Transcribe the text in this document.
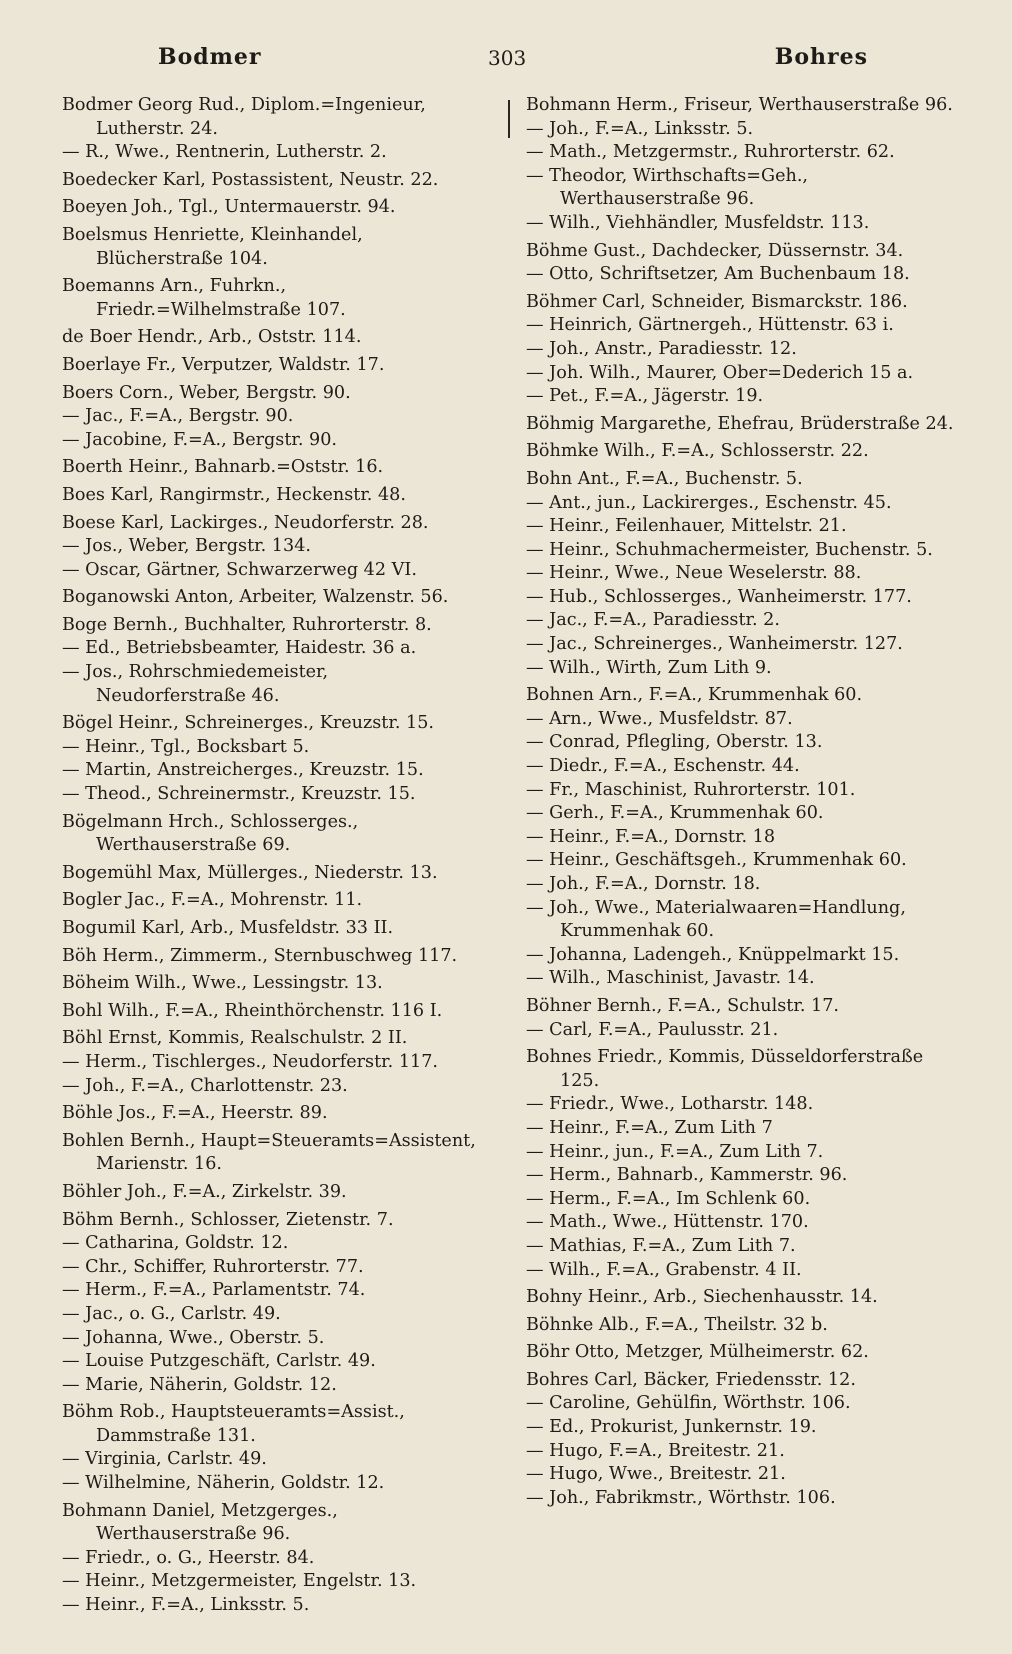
Bodmer	303	Bohres
Bodmer Georg Rud., Diplom.=Ingenieur, Lutherstr. 24.
— R., Wwe., Rentnerin, Lutherstr. 2.
Boedecker Karl, Postassistent, Neustr. 22.
Boeyen Joh., Tgl., Untermauerstr. 94.
Boelsmus Henriette, Kleinhandel, Blücherstraße 104.
Boemanns Arn., Fuhrkn., Friedr.=Wilhelmstraße 107.
de Boer Hendr., Arb., Oststr. 114.
Boerlaye Fr., Verputzer, Waldstr. 17.
Boers Corn., Weber, Bergstr. 90.
— Jac., F.=A., Bergstr. 90.
— Jacobine, F.=A., Bergstr. 90.
Boerth Heinr., Bahnarb.=Oststr. 16.
Boes Karl, Rangirmstr., Heckenstr. 48.
Boese Karl, Lackirges., Neudorferstr. 28.
— Jos., Weber, Bergstr. 134.
— Oscar, Gärtner, Schwarzerweg 42 VI.
Boganowski Anton, Arbeiter, Walzenstr. 56.
Boge Bernh., Buchhalter, Ruhrorterstr. 8.
— Ed., Betriebsbeamter, Haidestr. 36 a.
— Jos., Rohrschmiedemeister, Neudorferstraße 46.
Bögel Heinr., Schreinerges., Kreuzstr. 15.
— Heinr., Tgl., Bocksbart 5.
— Martin, Anstreicherges., Kreuzstr. 15.
— Theod., Schreinermstr., Kreuzstr. 15.
Bögelmann Hrch., Schlosserges., Werthauserstraße 69.
Bogemühl Max, Müllerges., Niederstr. 13.
Bogler Jac., F.=A., Mohrenstr. 11.
Bogumil Karl, Arb., Musfeldstr. 33 II.
Böh Herm., Zimmerm., Sternbuschweg 117.
Böheim Wilh., Wwe., Lessingstr. 13.
Bohl Wilh., F.=A., Rheinthörchenstr. 116 I.
Böhl Ernst, Kommis, Realschulstr. 2 II.
— Herm., Tischlerges., Neudorferstr. 117.
— Joh., F.=A., Charlottenstr. 23.
Böhle Jos., F.=A., Heerstr. 89.
Bohlen Bernh., Haupt=Steueramts=Assistent, Marienstr. 16.
Böhler Joh., F.=A., Zirkelstr. 39.
Böhm Bernh., Schlosser, Zietenstr. 7.
— Catharina, Goldstr. 12.
— Chr., Schiffer, Ruhrorterstr. 77.
— Herm., F.=A., Parlamentstr. 74.
— Jac., o. G., Carlstr. 49.
— Johanna, Wwe., Oberstr. 5.
— Louise Putzgeschäft, Carlstr. 49.
— Marie, Näherin, Goldstr. 12.
Böhm Rob., Hauptsteueramts=Assist., Dammstraße 131.
— Virginia, Carlstr. 49.
— Wilhelmine, Näherin, Goldstr. 12.
Bohmann Daniel, Metzgerges., Werthauserstraße 96.
— Friedr., o. G., Heerstr. 84.
— Heinr., Metzgermeister, Engelstr. 13.
— Heinr., F.=A., Linksstr. 5.
Bohmann Herm., Friseur, Werthauserstraße 96.
— Joh., F.=A., Linksstr. 5.
— Math., Metzgermstr., Ruhrorterstr. 62.
— Theodor, Wirthschafts=Geh., Werthauserstraße 96.
— Wilh., Viehhändler, Musfeldstr. 113.
Böhme Gust., Dachdecker, Düssernstr. 34.
— Otto, Schriftsetzer, Am Buchenbaum 18.
Böhmer Carl, Schneider, Bismarckstr. 186.
— Heinrich, Gärtnergeh., Hüttenstr. 63 i.
— Joh., Anstr., Paradiesstr. 12.
— Joh. Wilh., Maurer, Ober=Dederich 15 a.
— Pet., F.=A., Jägerstr. 19.
Böhmig Margarethe, Ehefrau, Brüderstraße 24.
Böhmke Wilh., F.=A., Schlosserstr. 22.
Bohn Ant., F.=A., Buchenstr. 5.
— Ant., jun., Lackirerges., Eschenstr. 45.
— Heinr., Feilenhauer, Mittelstr. 21.
— Heinr., Schuhmachermeister, Buchenstr. 5.
— Heinr., Wwe., Neue Weselerstr. 88.
— Hub., Schlosserges., Wanheimerstr. 177.
— Jac., F.=A., Paradiesstr. 2.
— Jac., Schreinerges., Wanheimerstr. 127.
— Wilh., Wirth, Zum Lith 9.
Bohnen Arn., F.=A., Krummenhak 60.
— Arn., Wwe., Musfeldstr. 87.
— Conrad, Pflegling, Oberstr. 13.
— Diedr., F.=A., Eschenstr. 44.
— Fr., Maschinist, Ruhrorterstr. 101.
— Gerh., F.=A., Krummenhak 60.
— Heinr., F.=A., Dornstr. 18
— Heinr., Geschäftsgeh., Krummenhak 60.
— Joh., F.=A., Dornstr. 18.
— Joh., Wwe., Materialwaaren=Handlung, Krummenhak 60.
— Johanna, Ladengeh., Knüppelmarkt 15.
— Wilh., Maschinist, Javastr. 14.
Böhner Bernh., F.=A., Schulstr. 17.
— Carl, F.=A., Paulusstr. 21.
Bohnes Friedr., Kommis, Düsseldorferstraße 125.
— Friedr., Wwe., Lotharstr. 148.
— Heinr., F.=A., Zum Lith 7
— Heinr., jun., F.=A., Zum Lith 7.
— Herm., Bahnarb., Kammerstr. 96.
— Herm., F.=A., Im Schlenk 60.
— Math., Wwe., Hüttenstr. 170.
— Mathias, F.=A., Zum Lith 7.
— Wilh., F.=A., Grabenstr. 4 II.
Bohny Heinr., Arb., Siechenhausstr. 14.
Böhnke Alb., F.=A., Theilstr. 32 b.
Böhr Otto, Metzger, Mülheimerstr. 62.
Bohres Carl, Bäcker, Friedensstr. 12.
— Caroline, Gehülfin, Wörthstr. 106.
— Ed., Prokurist, Junkernstr. 19.
— Hugo, F.=A., Breitestr. 21.
— Hugo, Wwe., Breitestr. 21.
— Joh., Fabrikmstr., Wörthstr. 106.
